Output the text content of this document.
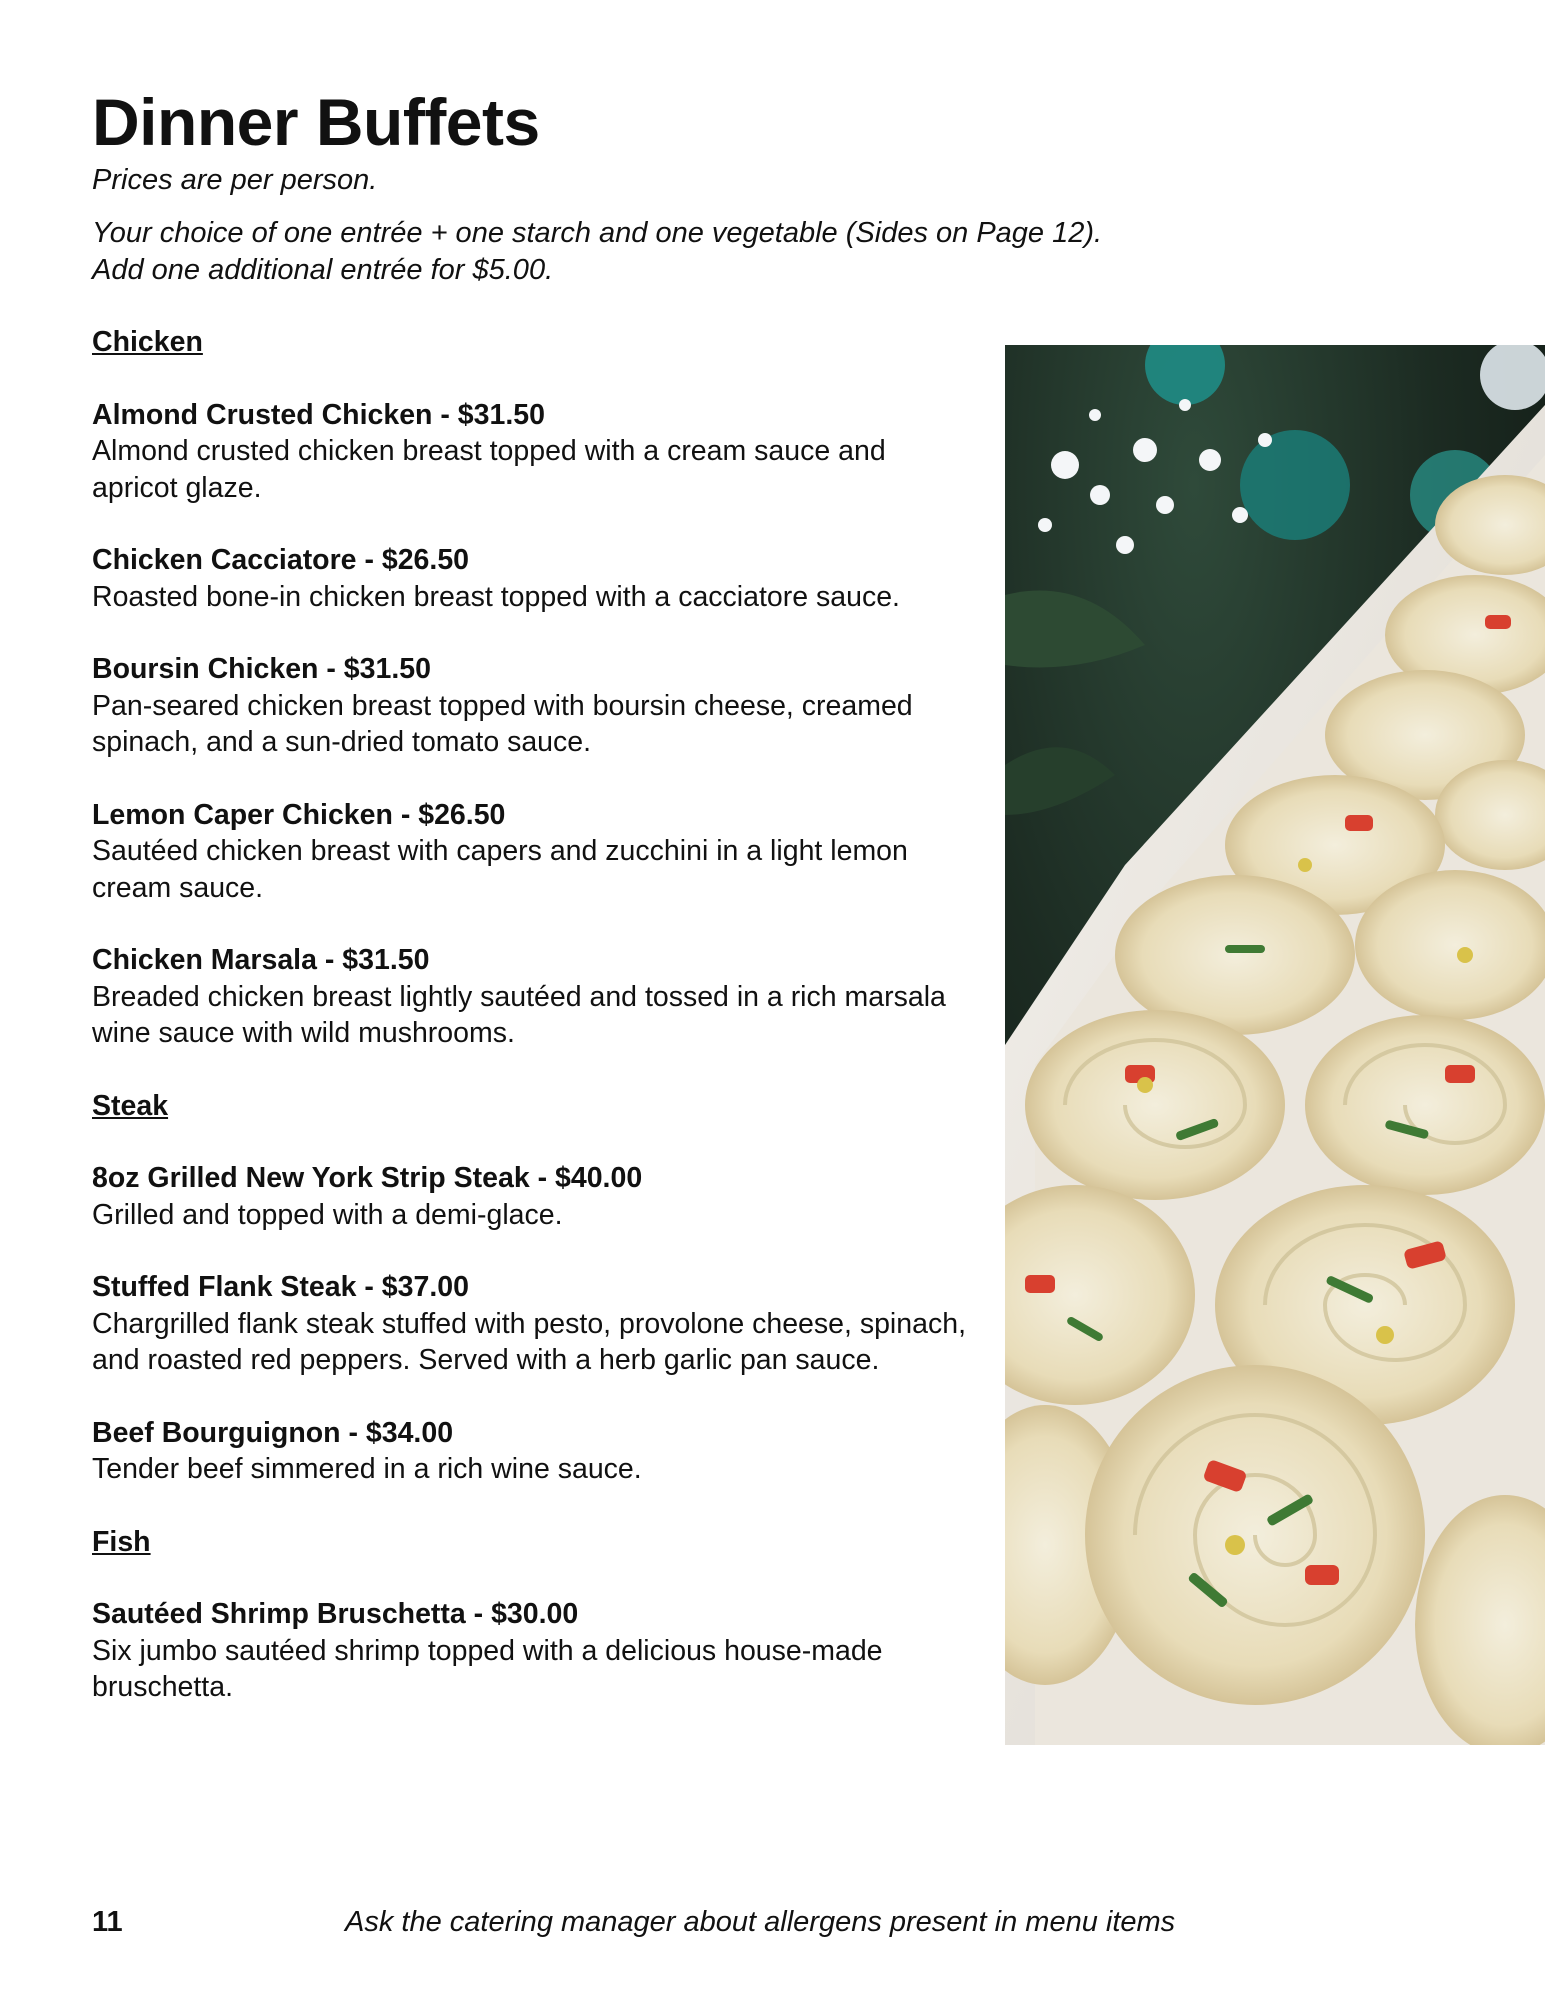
Dinner Buffets

Prices are per person.

Your choice of one entrée + one starch and one vegetable (Sides on Page 12).
Add one additional entrée for $5.00.
Chicken
Almond Crusted Chicken - $31.50
Almond crusted chicken breast topped with a cream sauce and apricot glaze.
Chicken Cacciatore - $26.50
Roasted bone-in chicken breast topped with a cacciatore sauce.
Boursin Chicken - $31.50
Pan-seared chicken breast topped with boursin cheese, creamed spinach, and a sun-dried tomato sauce.
Lemon Caper Chicken - $26.50
Sautéed chicken breast with capers and zucchini in a light lemon cream sauce.
Chicken Marsala - $31.50
Breaded chicken breast lightly sautéed and tossed in a rich marsala wine sauce with wild mushrooms.
Steak
8oz Grilled New York Strip Steak - $40.00
Grilled and topped with a demi-glace.
Stuffed Flank Steak - $37.00
Chargrilled flank steak stuffed with pesto, provolone cheese, spinach, and roasted red peppers. Served with a herb garlic pan sauce.
Beef Bourguignon - $34.00
Tender beef simmered in a rich wine sauce.
Fish
Sautéed Shrimp Bruschetta - $30.00
Six jumbo sautéed shrimp topped with a delicious house-made bruschetta.
11	Ask the catering manager about allergens present in menu items
